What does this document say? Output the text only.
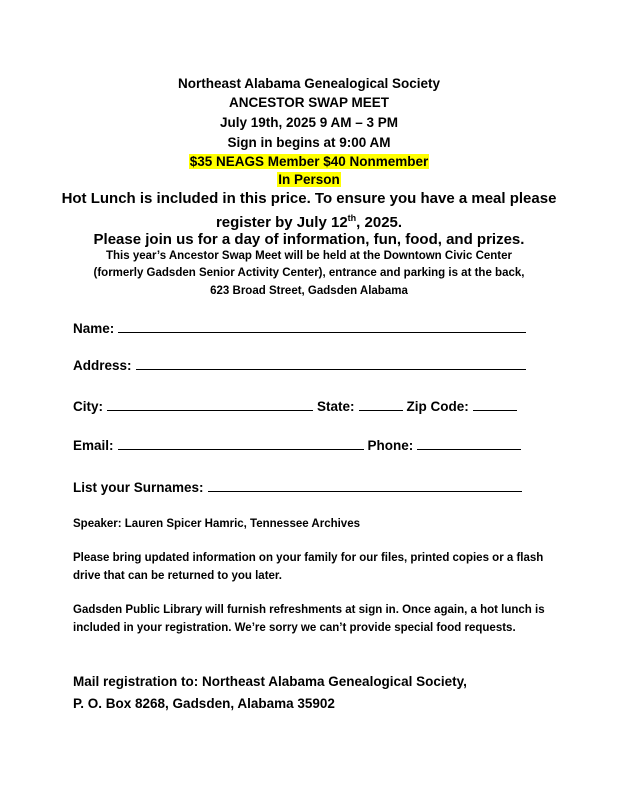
Northeast Alabama Genealogical Society
ANCESTOR SWAP MEET
July 19th, 2025 9 AM – 3 PM
Sign in begins at 9:00 AM
$35 NEAGS Member $40 Nonmember
In Person
Hot Lunch is included in this price. To ensure you have a meal please
register by July 12th, 2025.
Please join us for a day of information, fun, food, and prizes.
This year’s Ancestor Swap Meet will be held at the Downtown Civic Center
(formerly Gadsden Senior Activity Center), entrance and parking is at the back,
623 Broad Street, Gadsden Alabama
Name:
Address:
City:	State:	Zip Code:
Email:	Phone:
List your Surnames:
Speaker: Lauren Spicer Hamric, Tennessee Archives
Please bring updated information on your family for our files, printed copies or a flash drive that can be returned to you later.
Gadsden Public Library will furnish refreshments at sign in. Once again, a hot lunch is included in your registration. We’re sorry we can’t provide special food requests.
Mail registration to: Northeast Alabama Genealogical Society,
P. O. Box 8268, Gadsden, Alabama 35902
